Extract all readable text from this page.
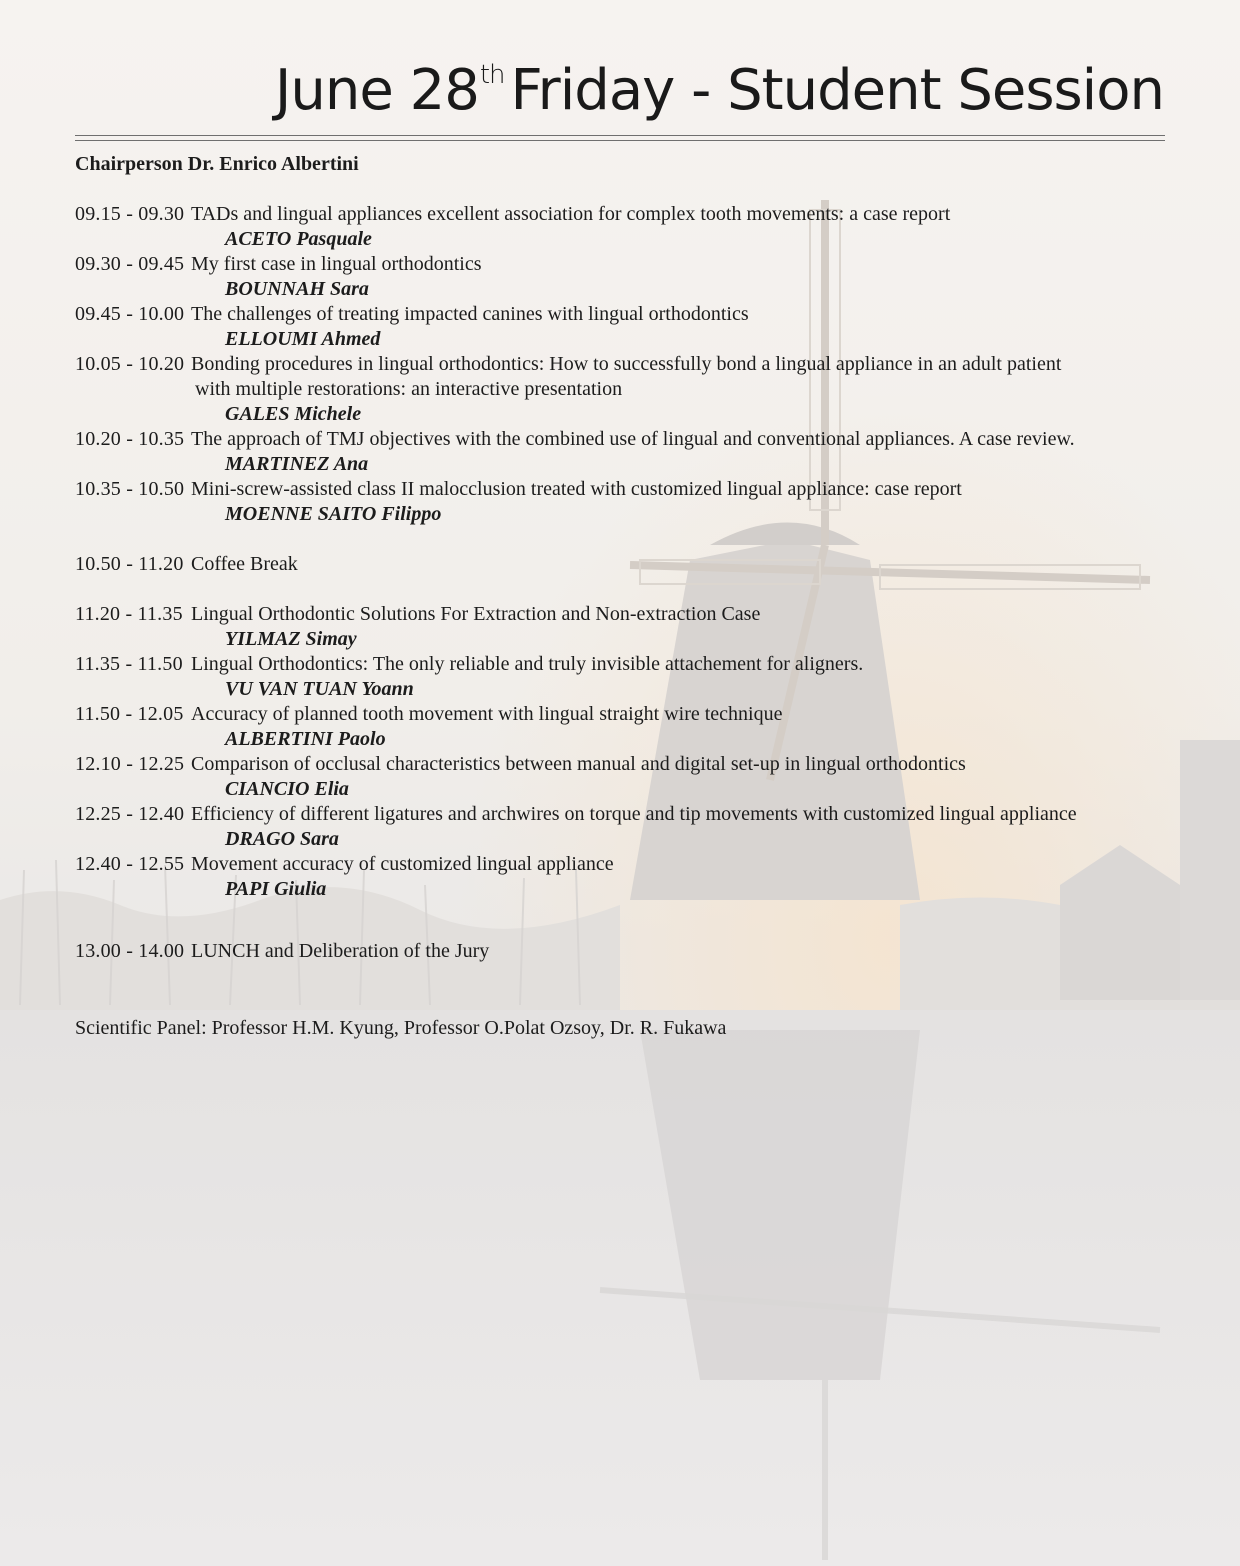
June 28th Friday - Student Session
Chairperson Dr. Enrico Albertini
09.15 - 09.30 TADs and lingual appliances excellent association for complex tooth movements: a case report
ACETO Pasquale
09.30 - 09.45 My first case in lingual orthodontics
BOUNNAH Sara
09.45 - 10.00 The challenges of treating impacted canines with lingual orthodontics
ELLOUMI Ahmed
10.05 - 10.20 Bonding procedures in lingual orthodontics: How to successfully bond a lingual appliance in an adult patient
with multiple restorations: an interactive presentation
GALES Michele
10.20 - 10.35 The approach of TMJ objectives with the combined use of lingual and conventional appliances. A case review.
MARTINEZ Ana
10.35 - 10.50 Mini-screw-assisted class II malocclusion treated with customized lingual appliance: case report
MOENNE SAITO Filippo
10.50 - 11.20 Coffee Break
11.20 - 11.35 Lingual Orthodontic Solutions For Extraction and Non-extraction Case
YILMAZ Simay
11.35 - 11.50 Lingual Orthodontics: The only reliable and truly invisible attachement for aligners.
VU VAN TUAN Yoann
11.50 - 12.05 Accuracy of planned tooth movement with lingual straight wire technique
ALBERTINI Paolo
12.10 - 12.25 Comparison of occlusal characteristics between manual and digital set-up in lingual orthodontics
CIANCIO Elia
12.25 - 12.40 Efficiency of different ligatures and archwires on torque and tip movements with customized lingual appliance
DRAGO Sara
12.40 - 12.55 Movement accuracy of customized lingual appliance
PAPI Giulia
13.00 - 14.00 LUNCH and Deliberation of the Jury
Scientific Panel: Professor H.M. Kyung, Professor O.Polat Ozsoy, Dr. R. Fukawa
